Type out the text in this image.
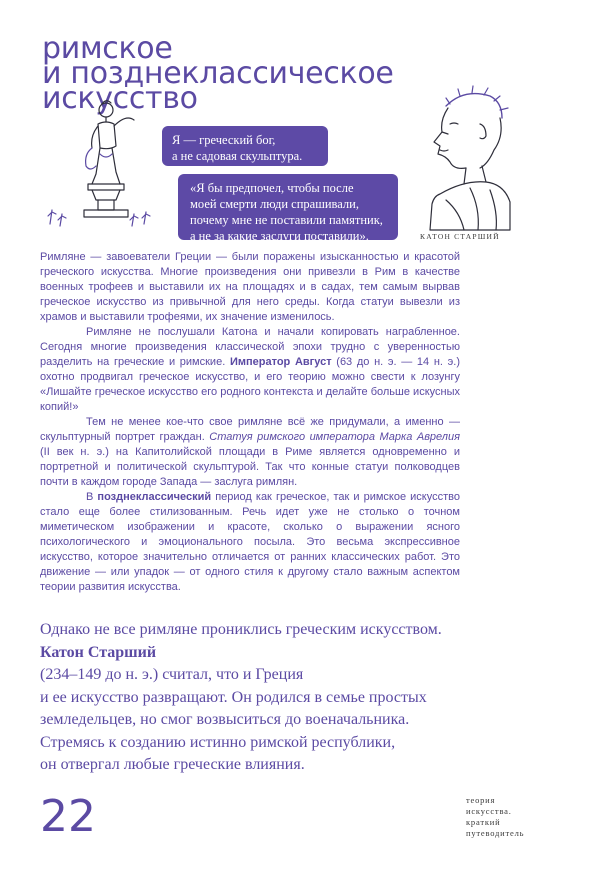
римское
и позднеклассическое
искусство
Я — греческий бог,
а не садовая скульптура.
«Я бы предпочел, чтобы после
моей смерти люди спрашивали,
почему мне не поставили памятник,
а не за какие заслуги поставили».	КАТОН СТАРШИЙ

Римляне — завоеватели Греции — были поражены изысканностью и красотой греческого искусства. Многие произведения они привезли в Рим в качестве военных трофеев и выставили их на площадях и в садах, тем самым вырвав греческое искусство из привычной для него среды. Когда статуи вывезли из храмов и выставили трофеями, их значение изменилось.

Римляне не послушали Катона и начали копировать награбленное. Сегодня многие произведения классической эпохи трудно с уверенностью разделить на греческие и римские. Император Август (63 до н. э. — 14 н. э.) охотно продвигал греческое искусство, и его теорию можно свести к лозунгу «Лишайте греческое искусство его родного контекста и делайте больше искусных копий!»

Тем не менее кое-что свое римляне всё же придумали, а именно — скульптурный портрет граждан. Статуя римского императора Марка Аврелия (II век н. э.) на Капитолийской площади в Риме является одновременно и портретной и политической скульптурой. Так что конные статуи полководцев почти в каждом городе Запада — заслуга римлян.

В позднеклассический период как греческое, так и римское искусство стало еще более стилизованным. Речь идет уже не столько о точном миметическом изображении и красоте, сколько о выражении ясного психологического и эмоционального посыла. Это весьма экспрессивное искусство, которое значительно отличается от ранних классических работ. Это движение — или упадок — от одного стиля к другому стало важным аспектом теории развития искусства.

Однако не все римляне прониклись греческим искусством.
Катон Старший
(234–149 до н. э.) считал, что и Греция
и ее искусство развращают. Он родился в семье простых
земледельцев, но смог возвыситься до военачальника.
Стремясь к созданию истинно римской республики,
он отвергал любые греческие влияния.

22	теория
искусства.
краткий
путеводитель
